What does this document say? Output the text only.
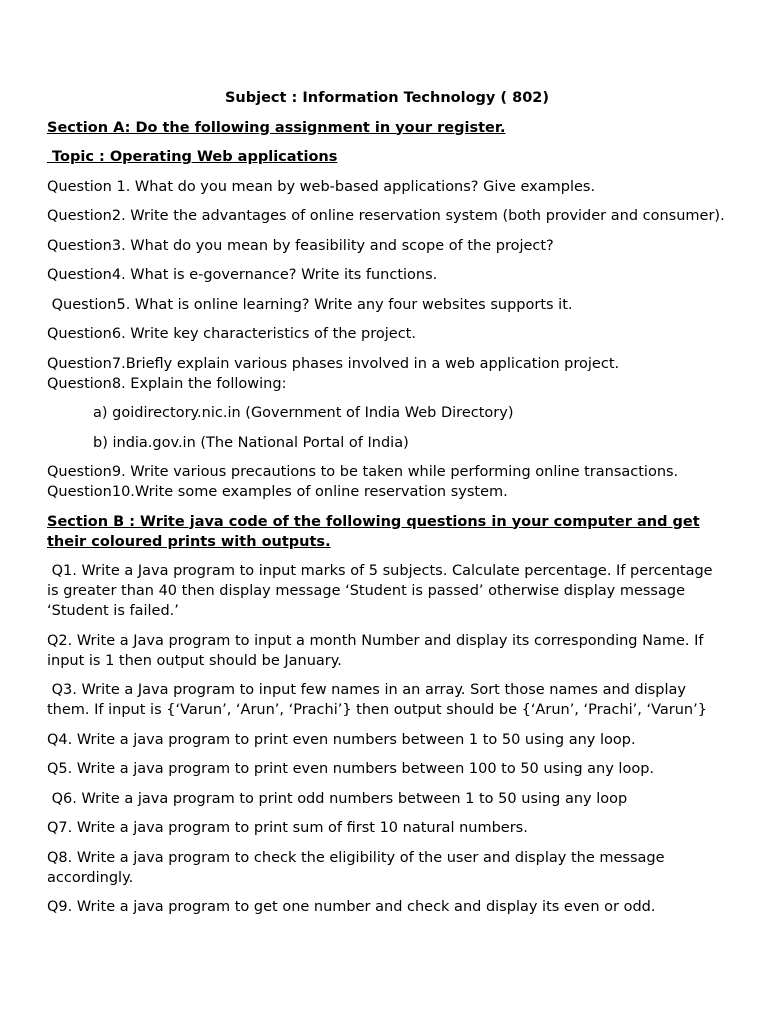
Subject : Information Technology ( 802)
Section A: Do the following assignment in your register.
Topic : Operating Web applications
Question 1. What do you mean by web-based applications? Give examples.
Question2. Write the advantages of online reservation system (both provider and consumer).
Question3. What do you mean by feasibility and scope of the project?
Question4. What is e-governance? Write its functions.
Question5. What is online learning? Write any four websites supports it.
Question6. Write key characteristics of the project.
Question7.Briefly explain various phases involved in a web application project.
Question8. Explain the following:
a) goidirectory.nic.in (Government of India Web Directory)
b) india.gov.in (The National Portal of India)
Question9. Write various precautions to be taken while performing online transactions.
Question10.Write some examples of online reservation system.
Section B : Write java code of the following questions in your computer and get their coloured prints with outputs.
Q1. Write a Java program to input marks of 5 subjects. Calculate percentage. If percentage is greater than 40 then display message ‘Student is passed’ otherwise display message ‘Student is failed.’
Q2. Write a Java program to input a month Number and display its corresponding Name. If input is 1 then output should be January.
Q3. Write a Java program to input few names in an array. Sort those names and display them. If input is {‘Varun’, ‘Arun’, ‘Prachi’} then output should be {‘Arun’, ‘Prachi’, ‘Varun’}
Q4. Write a java program to print even numbers between 1 to 50 using any loop.
Q5. Write a java program to print even numbers between 100 to 50 using any loop.
Q6. Write a java program to print odd numbers between 1 to 50 using any loop
Q7. Write a java program to print sum of first 10 natural numbers.
Q8. Write a java program to check the eligibility of the user and display the message accordingly.
Q9. Write a java program to get one number and check and display its even or odd.
